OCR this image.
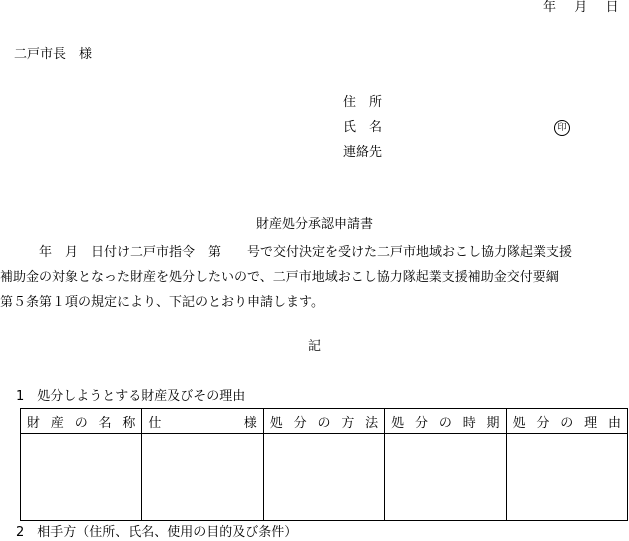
年 月 日
二戸市長　様
住　所
氏　名	印
連絡先
財産処分承認申請書
　　　年　月　日付け二戸市指令　第　　号で交付決定を受けた二戸市地域おこし協力隊起業支援
補助金の対象となった財産を処分したいので、二戸市地域おこし協力隊起業支援補助金交付要綱
第５条第１項の規定により、下記のとおり申請します。
記
1　処分しようとする財産及びその理由
財 産 の 名 称	仕 様	処 分 の 方 法	処 分 の 時 期	処 分 の 理 由

2　相手方（住所、氏名、使用の目的及び条件）
